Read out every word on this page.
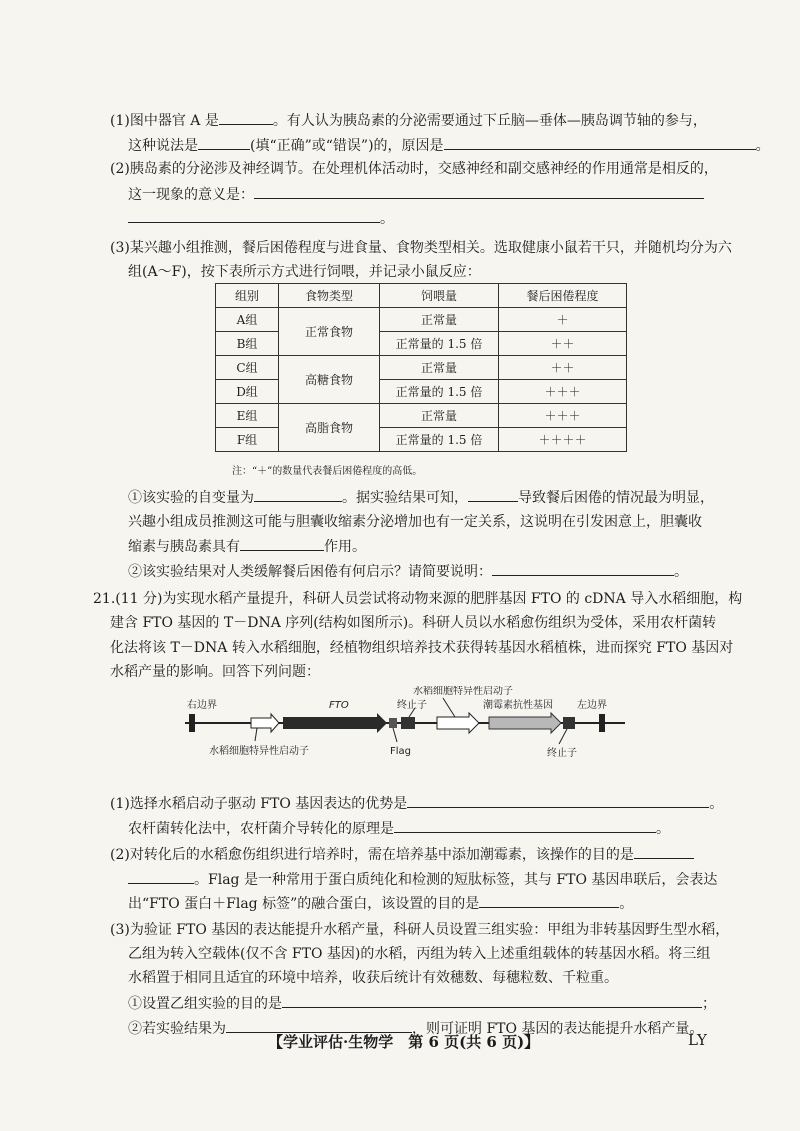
(1)图中器官 A 是	。有人认为胰岛素的分泌需要通过下丘脑—垂体—胰岛调节轴的参与，
这种说法是	(填“正确”或“错误”)的，原因是	。
(2)胰岛素的分泌涉及神经调节。在处理机体活动时，交感神经和副交感神经的作用通常是相反的，
这一现象的意义是：
。
(3)某兴趣小组推测，餐后困倦程度与进食量、食物类型相关。选取健康小鼠若干只，并随机均分为六
组(A～F)，按下表所示方式进行饲喂，并记录小鼠反应：
组别	食物类型	饲喂量	餐后困倦程度
A组	正常食物	正常量	＋
B组		正常量的 1.5 倍	＋＋
C组	高糖食物	正常量	＋＋
D组		正常量的 1.5 倍	＋＋＋
E组	高脂食物	正常量	＋＋＋
F组		正常量的 1.5 倍	＋＋＋＋
注：“＋”的数量代表餐后困倦程度的高低。
①该实验的自变量为	。据实验结果可知，	导致餐后困倦的情况最为明显，
兴趣小组成员推测这可能与胆囊收缩素分泌增加也有一定关系，这说明在引发困意上，胆囊收
缩素与胰岛素具有	作用。
②该实验结果对人类缓解餐后困倦有何启示？请简要说明：	。
21.(11 分)为实现水稻产量提升，科研人员尝试将动物来源的肥胖基因 FTO 的 cDNA 导入水稻细胞，构
建含 FTO 基因的 T－DNA 序列(结构如图所示)。科研人员以水稻愈伤组织为受体，采用农杆菌转
化法将该 T－DNA 转入水稻细胞，经植物组织培养技术获得转基因水稻植株，进而探究 FTO 基因对
水稻产量的影响。回答下列问题：
右边界	FTO
水稻细胞特异性启动子
终止子	潮霉素抗性基因 左边界
水稻细胞特异性启动子	Flag	终止子
(1)选择水稻启动子驱动 FTO 基因表达的优势是	。
农杆菌转化法中，农杆菌介导转化的原理是	。
(2)对转化后的水稻愈伤组织进行培养时，需在培养基中添加潮霉素，该操作的目的是
。Flag 是一种常用于蛋白质纯化和检测的短肽标签，其与 FTO 基因串联后，会表达
出“FTO 蛋白＋Flag 标签”的融合蛋白，该设置的目的是	。
(3)为验证 FTO 基因的表达能提升水稻产量，科研人员设置三组实验：甲组为非转基因野生型水稻，
乙组为转入空载体(仅不含 FTO 基因)的水稻，丙组为转入上述重组载体的转基因水稻。将三组
水稻置于相同且适宜的环境中培养，收获后统计有效穗数、每穗粒数、千粒重。
①设置乙组实验的目的是	；
②若实验结果为	，则可证明 FTO 基因的表达能提升水稻产量。
【学业评估·生物学　第 6 页(共 6 页)】	LY
